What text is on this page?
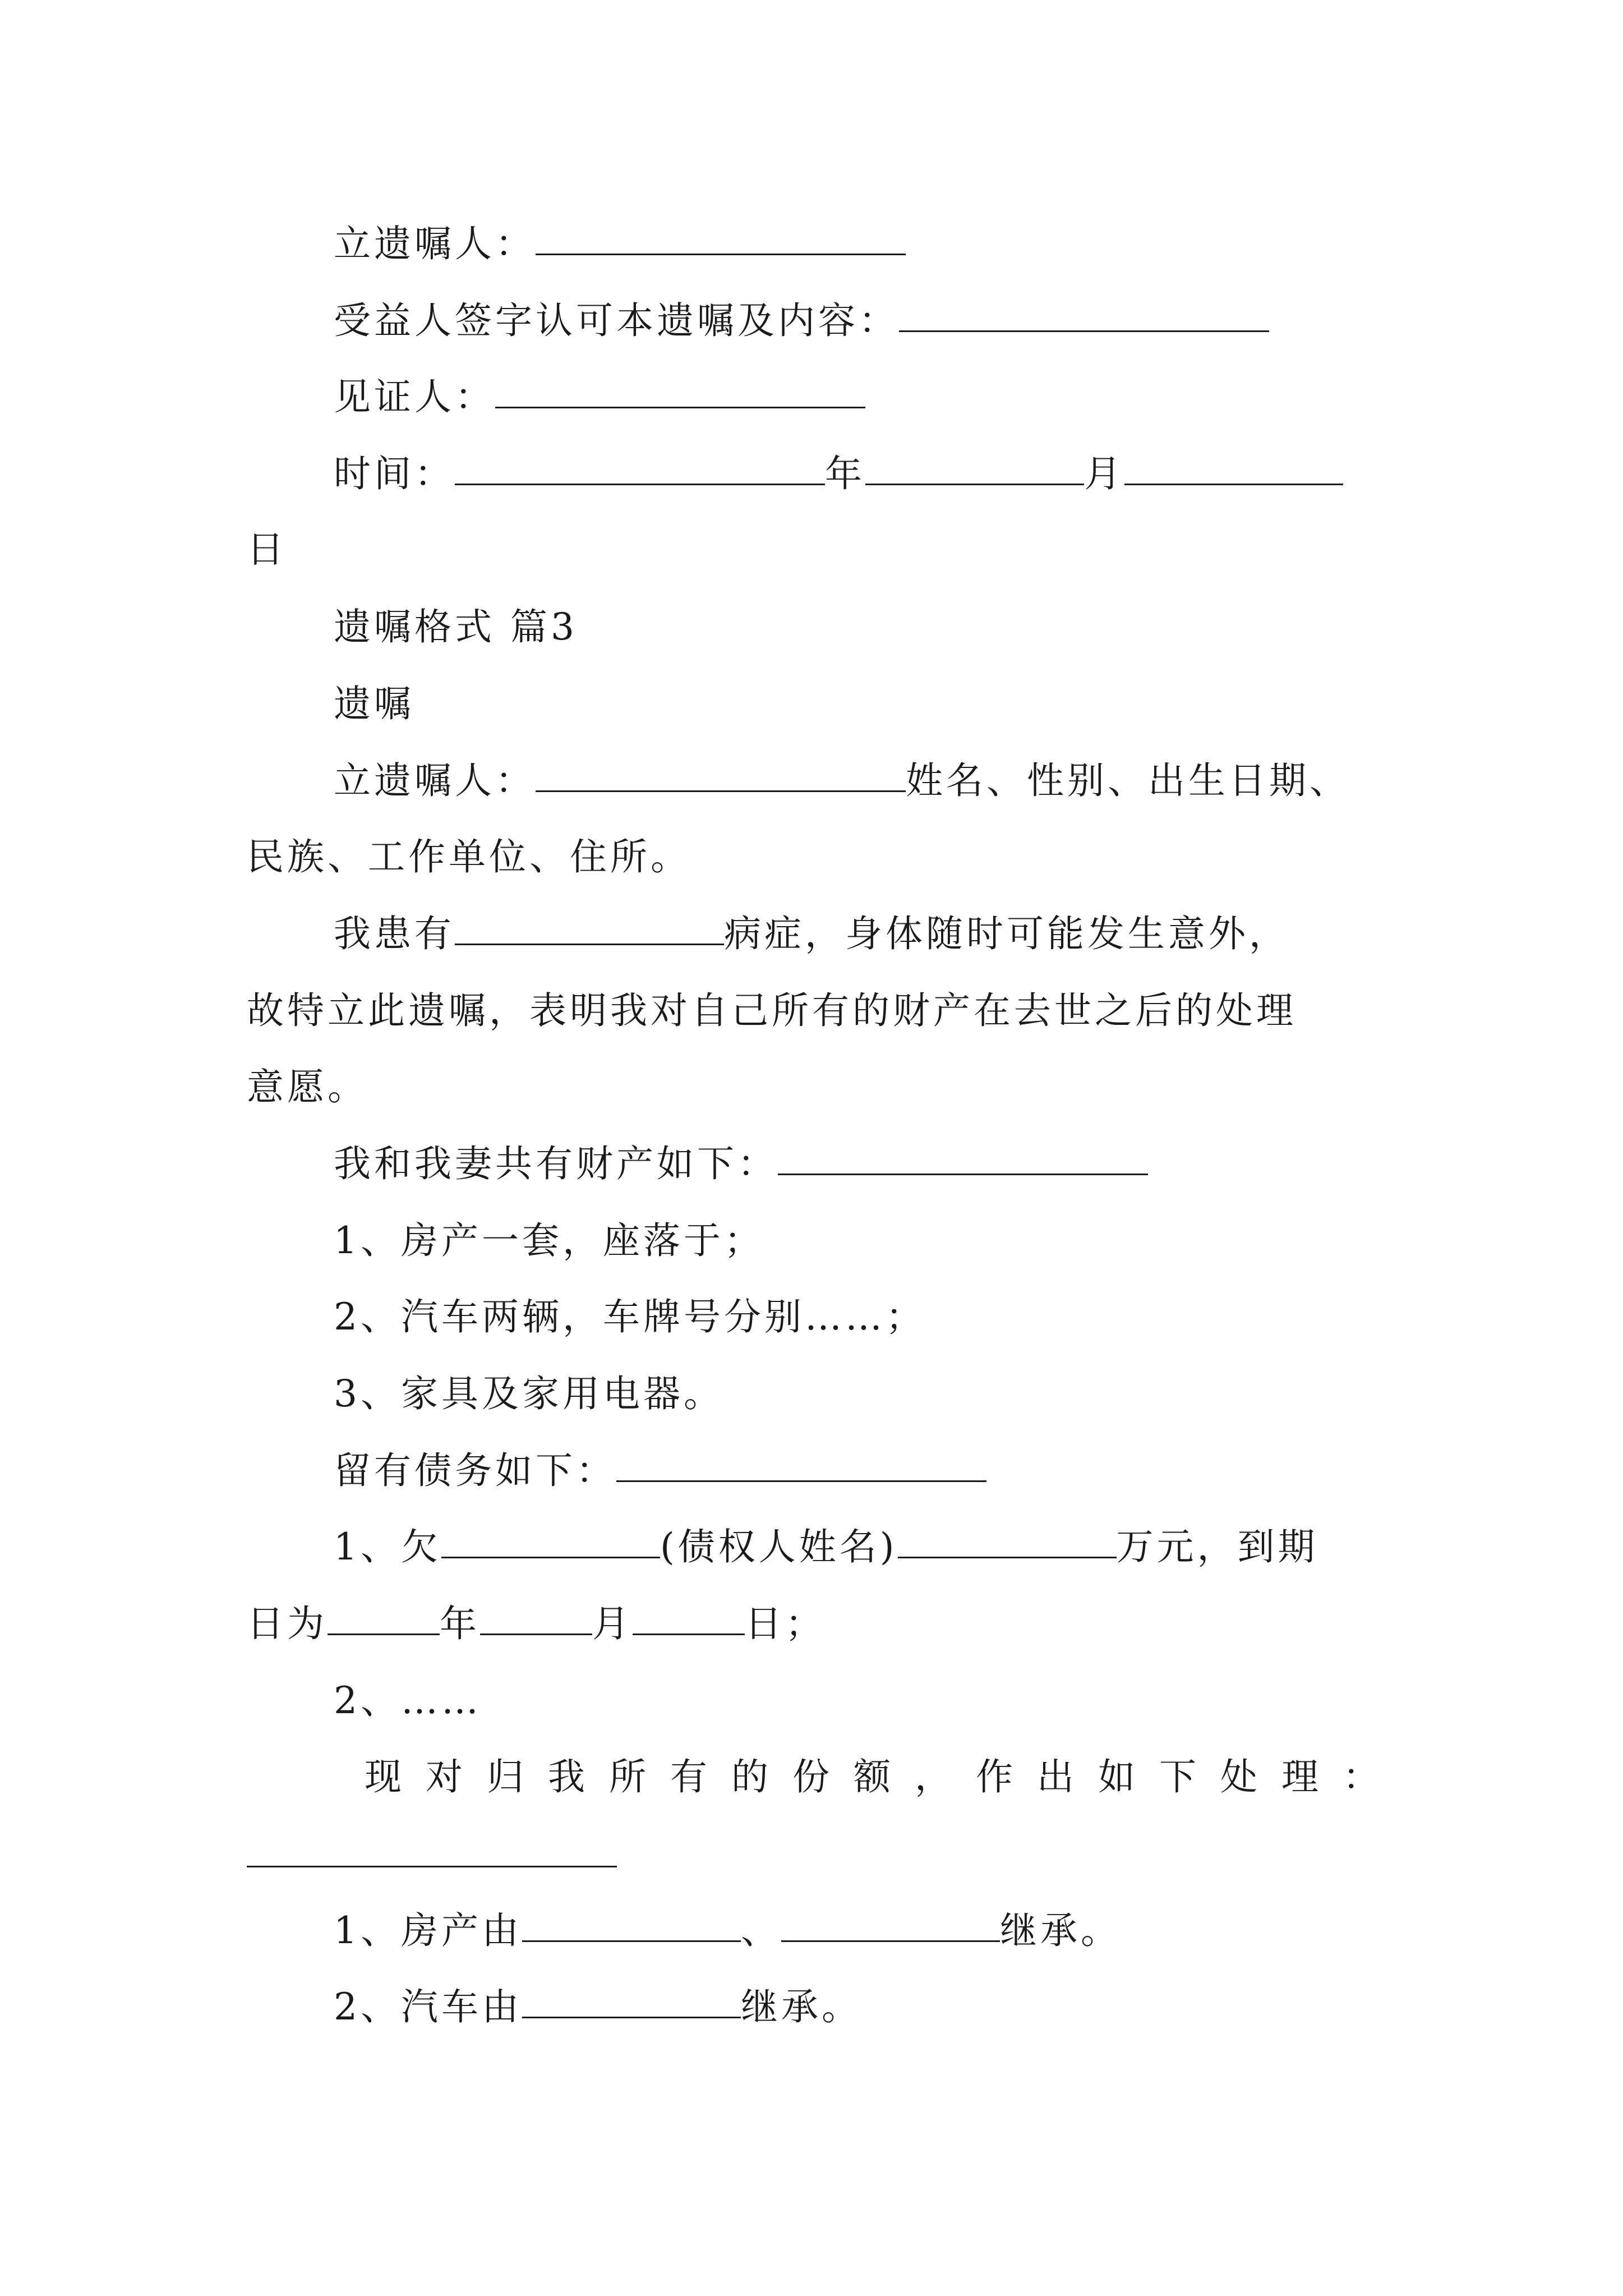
立遗嘱人：
受益人签字认可本遗嘱及内容：
见证人：
时间：	年	月
日
遗嘱格式 篇3
遗嘱
立遗嘱人：	姓名、性别、出生日期、
民族、工作单位、住所。
我患有	病症，身体随时可能发生意外，
故特立此遗嘱，表明我对自己所有的财产在去世之后的处理
意愿。
我和我妻共有财产如下：
1、房产一套，座落于；
2、汽车两辆，车牌号分别……；
3、家具及家用电器。
留有债务如下：
1、欠	(债权人姓名)	万元，到期
日为	年	月	日；
2、……
现 对 归 我 所 有 的 份 额 ， 作 出 如 下 处 理 ：
1、房产由	、	继承。
2、汽车由	继承。
